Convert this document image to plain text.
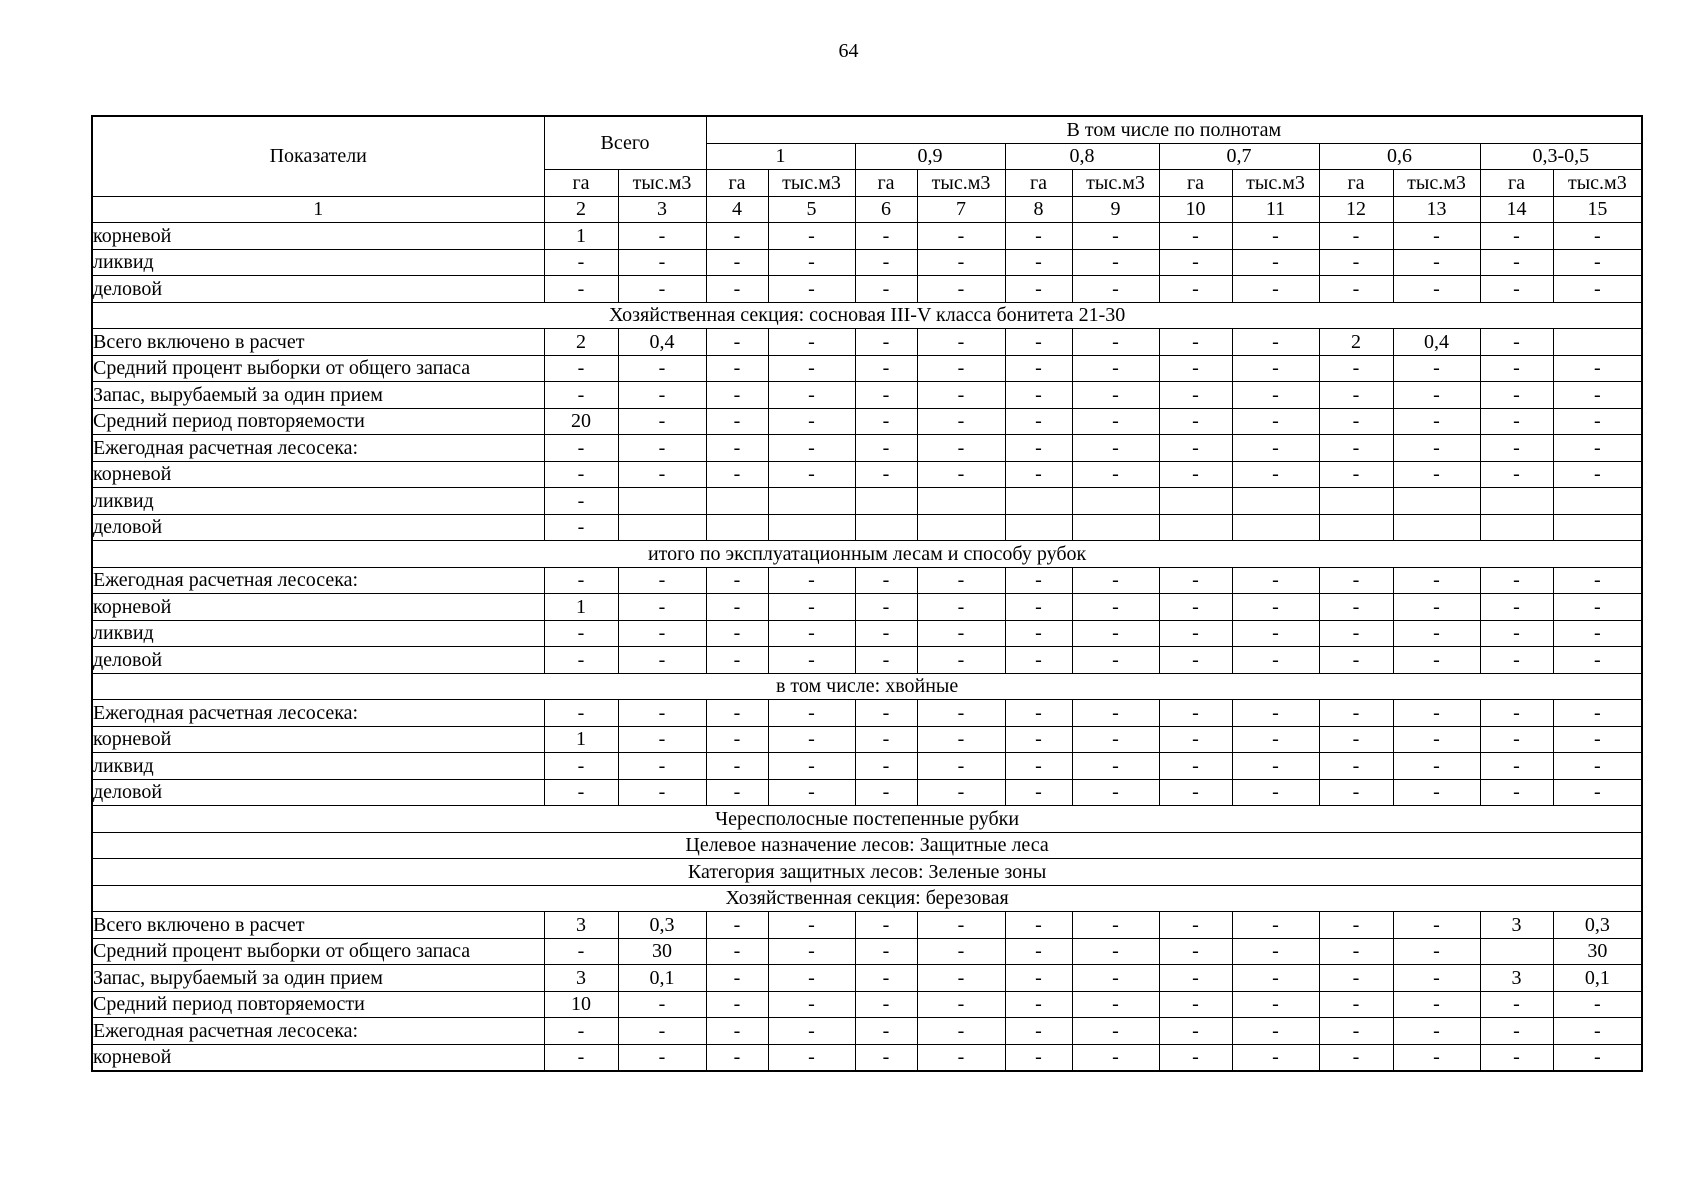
64
Показатели	Всего		В том числе по полнотам											
			1		0,9		0,8		0,7		0,6		0,3-0,5	
	га	тыс.м3	га	тыс.м3	га	тыс.м3	га	тыс.м3	га	тыс.м3	га	тыс.м3	га	тыс.м3
1	2	3	4	5	6	7	8	9	10	11	12	13	14	15
корневой	1	-	-	-	-	-	-	-	-	-	-	-	-	-
ликвид	-	-	-	-	-	-	-	-	-	-	-	-	-	-
деловой	-	-	-	-	-	-	-	-	-	-	-	-	-	-
Хозяйственная секция: сосновая III-V класса бонитета 21-30														
Всего включено в расчет	2	0,4	-	-	-	-	-	-	-	-	2	0,4	-	
Средний процент выборки от общего запаса	-	-	-	-	-	-	-	-	-	-	-	-	-	-
Запас, вырубаемый за один прием	-	-	-	-	-	-	-	-	-	-	-	-	-	-
Средний период повторяемости	20	-	-	-	-	-	-	-	-	-	-	-	-	-
Ежегодная расчетная лесосека:	-	-	-	-	-	-	-	-	-	-	-	-	-	-
корневой	-	-	-	-	-	-	-	-	-	-	-	-	-	-
ликвид	-													
деловой	-													
итого по эксплуатационным лесам и способу рубок														
Ежегодная расчетная лесосека:	-	-	-	-	-	-	-	-	-	-	-	-	-	-
корневой	1	-	-	-	-	-	-	-	-	-	-	-	-	-
ликвид	-	-	-	-	-	-	-	-	-	-	-	-	-	-
деловой	-	-	-	-	-	-	-	-	-	-	-	-	-	-
в том числе: хвойные														
Ежегодная расчетная лесосека:	-	-	-	-	-	-	-	-	-	-	-	-	-	-
корневой	1	-	-	-	-	-	-	-	-	-	-	-	-	-
ликвид	-	-	-	-	-	-	-	-	-	-	-	-	-	-
деловой	-	-	-	-	-	-	-	-	-	-	-	-	-	-
Чересполосные постепенные рубки														
Целевое назначение лесов: Защитные леса														
Категория защитных лесов: Зеленые зоны														
Хозяйственная секция: березовая														
Всего включено в расчет	3	0,3	-	-	-	-	-	-	-	-	-	-	3	0,3
Средний процент выборки от общего запаса	-	30	-	-	-	-	-	-	-	-	-	-		30
Запас, вырубаемый за один прием	3	0,1	-	-	-	-	-	-	-	-	-	-	3	0,1
Средний период повторяемости	10	-	-	-	-	-	-	-	-	-	-	-	-	-
Ежегодная расчетная лесосека:	-	-	-	-	-	-	-	-	-	-	-	-	-	-
корневой	-	-	-	-	-	-	-	-	-	-	-	-	-	-
